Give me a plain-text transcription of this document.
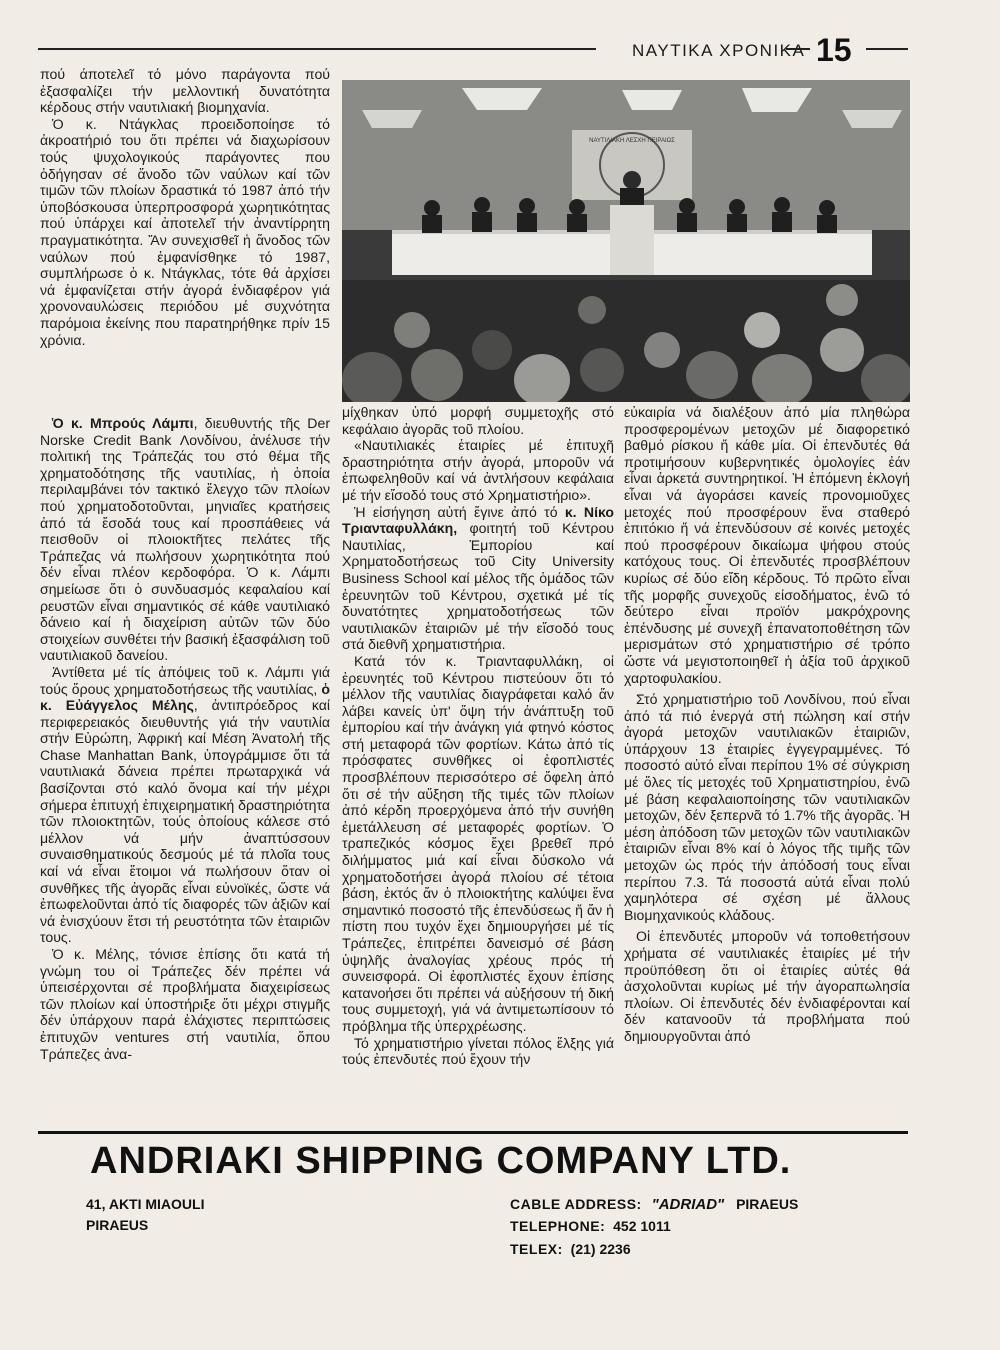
ΝΑΥΤΙΚΑ ΧΡΟΝΙΚΑ 15

πού άποτελεῖ τό μόνο παράγοντα πού ἐξασφαλίζει τήν μελλοντική δυνατότητα κέρδους στήν ναυτιλιακή βιομηχανία.

Ὁ κ. Ντάγκλας προειδοποίησε τό ἀκροατήριό του ὅτι πρέπει νά διαχωρίσουν τούς ψυχολογικούς παράγοντες που ὁδήγησαν σέ ἄνοδο τῶν ναύλων καί τῶν τιμῶν τῶν πλοίων δραστικά τό 1987 ἀπό τήν ὑποβόσκουσα ὑπερπροσφορά χωρητικότητας πού ὑπάρχει καί ἀποτελεῖ τήν ἀναντίρρητη πραγματικότητα. Ἄν συνεχισθεῖ ἡ ἄνοδος τῶν ναύλων πού ἐμφανίσθηκε τό 1987, συμπλήρωσε ὁ κ. Ντάγκλας, τότε θά ἀρχίσει νά ἐμφανίζεται στήν ἀγορά ἐνδιαφέρον γιά χρονοναυλώσεις περιόδου μέ συχνότητα παρόμοια ἐκείνης που παρατηρήθηκε πρίν 15 χρόνια.

ΝΑΥΤΙΛΙΑΚΗ ΛΕΣΧΗ ΠΕΙΡΑΙΩΣ

Ὁ κ. Μπρούς Λάμπι, διευθυντής τῆς Der Norske Credit Bank Λονδίνου, ἀνέλυσε τήν πολιτική της Τράπεζάς του στό θέμα τῆς χρηματοδότησης τῆς ναυτιλίας, ἡ ὁποία περιλαμβάνει τόν τακτικό ἔλεγχο τῶν πλοίων πού χρηματοδοτοῦνται, μηνιαῖες κρατήσεις ἀπό τά ἔσοδά τους καί προσπάθειες νά πεισθοῦν οἱ πλοιοκτῆτες πελάτες τῆς Τράπεζας νά πωλήσουν χωρητικότητα πού δέν εἶναι πλέον κερδοφόρα. Ὁ κ. Λάμπι σημείωσε ὅτι ὁ συνδυασμός κεφαλαίου καί ρευστῶν εἶναι σημαντικός σέ κάθε ναυτιλιακό δάνειο καί ἡ διαχείριση αὐτῶν τῶν δύο στοιχείων συνθέτει τήν βασική ἐξασφάλιση τοῦ ναυτιλιακοῦ δανείου.

Ἀντίθετα μέ τίς ἀπόψεις τοῦ κ. Λάμπι γιά τούς ὅρους χρηματοδοτήσεως τῆς ναυτιλίας, ὁ κ. Εὐάγγελος Μέλης, ἀντιπρόεδρος καί περιφερειακός διευθυντής γιά τήν ναυτιλία στήν Εὐρώπη, Ἀφρική καί Μέση Ἀνατολή τῆς Chase Manhattan Bank, ὑπογράμμισε ὅτι τά ναυτιλιακά δάνεια πρέπει πρωταρχικά νά βασίζονται στό καλό ὄνομα καί τήν μέχρι σήμερα ἐπιτυχή ἐπιχειρηματική δραστηριότητα τῶν πλοιοκτητῶν, τούς ὁποίους κάλεσε στό μέλλον νά μήν ἀναπτύσσουν συναισθηματικούς δεσμούς μέ τά πλοῖα τους καί νά εἶναι ἕτοιμοι νά πωλήσουν ὅταν οἱ συνθῆκες τῆς ἀγορᾶς εἶναι εὐνοϊκές, ὥστε νά ἐπωφελοῦνται ἀπό τίς διαφορές τῶν ἀξιῶν καί νά ἐνισχύουν ἔτσι τή ρευστότητα τῶν ἑταιριῶν τους.

Ὁ κ. Μέλης, τόνισε ἐπίσης ὅτι κατά τή γνώμη του οἱ Τράπεζες δέν πρέπει νά ὑπεισέρχονται σέ προβλήματα διαχειρίσεως τῶν πλοίων καί ὑποστήριξε ὅτι μέχρι στιγμῆς δέν ὑπάρχουν παρά ἐλάχιστες περιπτώσεις ἐπιτυχῶν ventures στή ναυτιλία, ὅπου Τράπεζες ἀνα-

μίχθηκαν ὑπό μορφή συμμετοχῆς στό κεφάλαιο ἀγορᾶς τοῦ πλοίου.

«Ναυτιλιακές ἑταιρίες μέ ἐπιτυχῆ δραστηριότητα στήν ἀγορά, μποροῦν νά ἐπωφεληθοῦν καί νά ἀντλήσουν κεφάλαια μέ τήν εἴσοδό τους στό Χρηματιστήριο».

Ἡ εἰσήγηση αὐτή ἔγινε ἀπό τό κ. Νίκο Τριανταφυλλάκη, φοιτητή τοῦ Κέντρου Ναυτιλίας, Ἐμπορίου καί Χρηματοδοτήσεως τοῦ City University Business School καί μέλος τῆς ὁμάδος τῶν ἐρευνητῶν τοῦ Κέντρου, σχετικά μέ τίς δυνατότητες χρηματοδοτήσεως τῶν ναυτιλιακῶν ἑταιριῶν μέ τήν εἴσοδό τους στά διεθνῆ χρηματιστήρια.

Κατά τόν κ. Τριανταφυλλάκη, οἱ ἐρευνητές τοῦ Κέντρου πιστεύουν ὅτι τό μέλλον τῆς ναυτιλίας διαγράφεται καλό ἄν λάβει κανείς ὑπ' ὄψη τήν ἀνάπτυξη τοῦ ἐμπορίου καί τήν ἀνάγκη γιά φτηνό κόστος στή μεταφορά τῶν φορτίων. Κάτω ἀπό τίς πρόσφατες συνθῆκες οἱ ἐφοπλιστές προσβλέπουν περισσότερο σέ ὄφελη ἀπό ὅτι σέ τήν αὔξηση τῆς τιμές τῶν πλοίων ἀπό κέρδη προερχόμενα ἀπό τήν συνήθη ἐμετάλλευση σέ μεταφορές φορτίων. Ὁ τραπεζικός κόσμος ἔχει βρεθεῖ πρό διλήμματος μιά καί εἶναι δύσκολο νά χρηματοδοτήσει ἀγορά πλοίου σέ τέτοια βάση, ἐκτός ἄν ὁ πλοιοκτήτης καλύψει ἕνα σημαντικό ποσοστό τῆς ἐπενδύσεως ἤ ἄν ἡ πίστη που τυχόν ἔχει δημιουργήσει μέ τίς Τράπεζες, ἐπιτρέπει δανεισμό σέ βάση ὑψηλῆς ἀναλογίας χρέους πρός τή συνεισφορά. Οἱ ἐφοπλιστές ἔχουν ἐπίσης κατανοήσει ὅτι πρέπει νά αὐξήσουν τή δική τους συμμετοχή, γιά νά ἀντιμετωπίσουν τό πρόβλημα τῆς ὑπερχρέωσης.

Τό χρηματιστήριο γίνεται πόλος ἕλξης γιά τούς ἐπενδυτές πού ἔχουν τήν

εὐκαιρία νά διαλέξουν ἀπό μία πληθώρα προσφερομένων μετοχῶν μέ διαφορετικό βαθμό ρίσκου ἤ κάθε μία. Οἱ ἐπενδυτές θά προτιμήσουν κυβερνητικές ὁμολογίες ἐάν εἶναι ἀρκετά συντηρητικοί. Ἡ ἑπόμενη ἐκλογή εἶναι νά ἀγοράσει κανείς προνομιοῦχες μετοχές πού προσφέρουν ἕνα σταθερό ἐπιτόκιο ἤ νά ἐπενδύσουν σέ κοινές μετοχές πού προσφέρουν δικαίωμα ψήφου στούς κατόχους τους. Οἱ ἐπενδυτές προσβλέπουν κυρίως σέ δύο εἴδη κέρδους. Τό πρῶτο εἶναι τῆς μορφῆς συνεχοῦς εἰσοδήματος, ἐνῶ τό δεύτερο εἶναι προϊόν μακρόχρονης ἐπένδυσης μέ συνεχῆ ἐπανατοποθέτηση τῶν μερισμάτων στό χρηματιστήριο σέ τρόπο ὥστε νά μεγιστοποιηθεῖ ἡ ἀξία τοῦ ἀρχικοῦ χαρτοφυλακίου.

Στό χρηματιστήριο τοῦ Λονδίνου, πού εἶναι ἀπό τά πιό ἐνεργά στή πώληση καί στήν ἀγορά μετοχῶν ναυτιλιακῶν ἑταιριῶν, ὑπάρχουν 13 ἑταιρίες ἐγγεγραμμένες. Τό ποσοστό αὐτό εἶναι περίπου 1% σέ σύγκριση μέ ὅλες τίς μετοχές τοῦ Χρηματιστηρίου, ἐνῶ μέ βάση κεφαλαιοποίησης τῶν ναυτιλιακῶν μετοχῶν, δέν ξεπερνᾶ τό 1.7% τῆς ἀγορᾶς. Ἡ μέση ἀπόδοση τῶν μετοχῶν τῶν ναυτιλιακῶν ἑταιριῶν εἶναι 8% καί ὁ λόγος τῆς τιμῆς τῶν μετοχῶν ὡς πρός τήν ἀπόδοσή τους εἶναι περίπου 7.3. Τά ποσοστά αὐτά εἶναι πολύ χαμηλότερα σέ σχέση μέ ἄλλους Βιομηχανικούς κλάδους.

Οἱ ἐπενδυτές μποροῦν νά τοποθετήσουν χρήματα σέ ναυτιλιακές ἑταιρίες μέ τήν προϋπόθεση ὅτι οἱ ἑταιρίες αὐτές θά ἀσχολοῦνται κυρίως μέ τήν ἀγοραπωλησία πλοίων. Οἱ ἐπενδυτές δέν ἐνδιαφέρονται καί δέν κατανοοῦν τά προβλήματα πού δημιουργοῦνται ἀπό

ANDRIAKI SHIPPING COMPANY LTD.
41, AKTI MIAOULI
PIRAEUS
CABLE ADDRESS: "ADRIAD" PIRAEUS
TELEPHONE: 452 1011
TELEX: (21) 2236
